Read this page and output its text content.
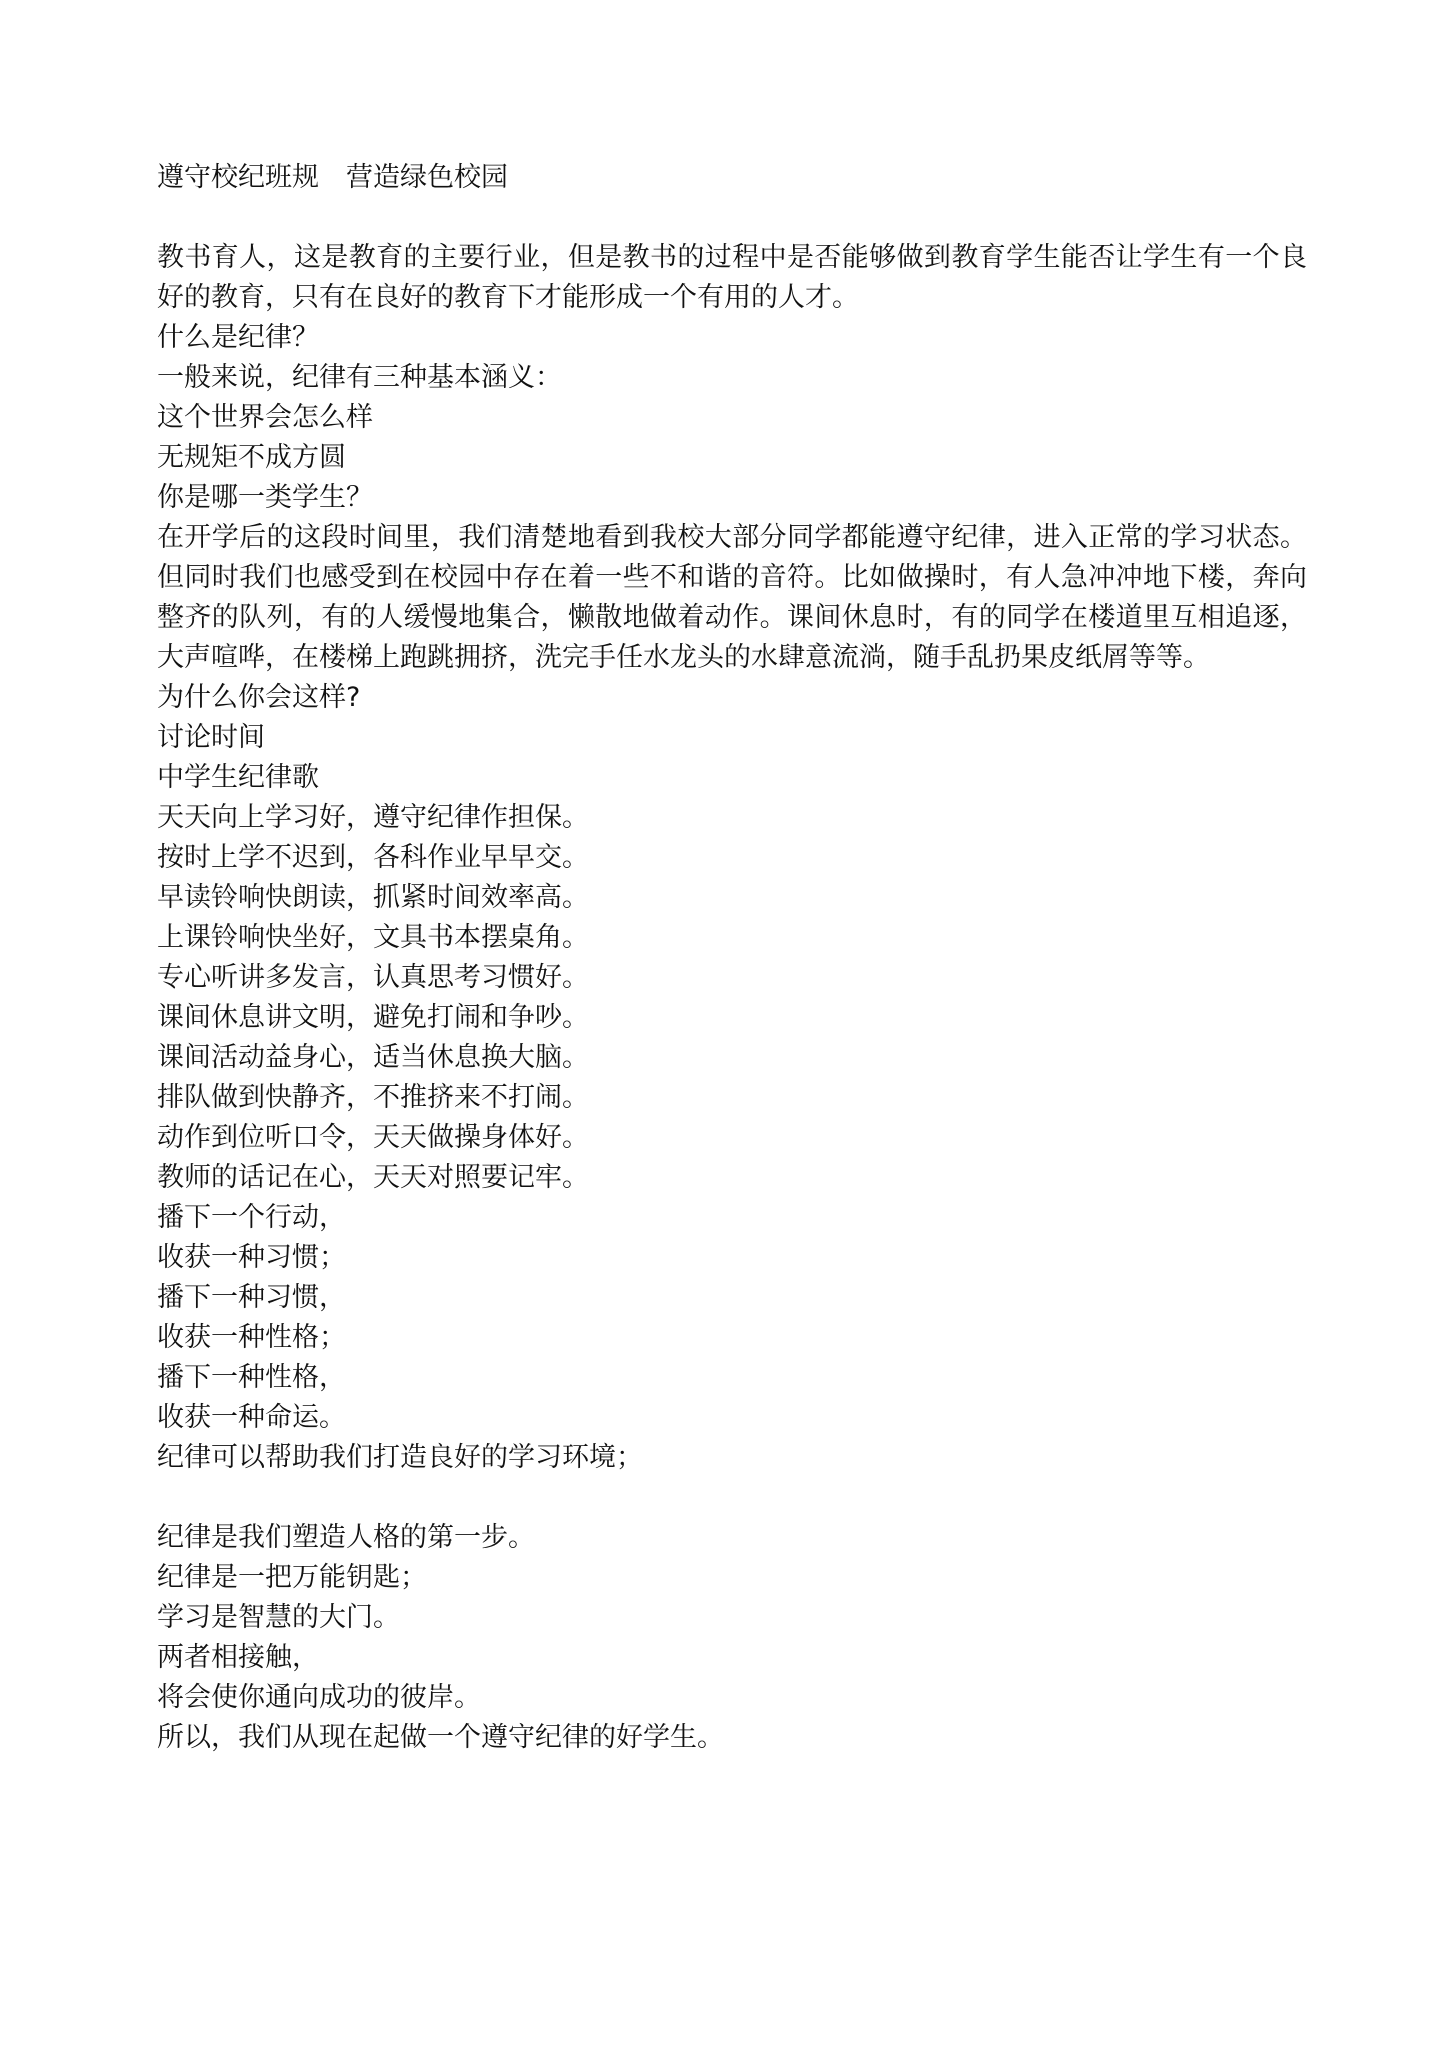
遵守校纪班规　营造绿色校园
教书育人，这是教育的主要行业，但是教书的过程中是否能够做到教育学生能否让学生有一个良好的教育，只有在良好的教育下才能形成一个有用的人才。
什么是纪律？
一般来说，纪律有三种基本涵义：
这个世界会怎么样
无规矩不成方圆
你是哪一类学生？
在开学后的这段时间里，我们清楚地看到我校大部分同学都能遵守纪律，进入正常的学习状态。但同时我们也感受到在校园中存在着一些不和谐的音符。比如做操时，有人急冲冲地下楼，奔向整齐的队列，有的人缓慢地集合，懒散地做着动作。课间休息时，有的同学在楼道里互相追逐，大声喧哗，在楼梯上跑跳拥挤，洗完手任水龙头的水肆意流淌，随手乱扔果皮纸屑等等。
为什么你会这样?
讨论时间
中学生纪律歌
天天向上学习好，遵守纪律作担保。
按时上学不迟到，各科作业早早交。
早读铃响快朗读，抓紧时间效率高。
上课铃响快坐好，文具书本摆桌角。
专心听讲多发言，认真思考习惯好。
课间休息讲文明，避免打闹和争吵。
课间活动益身心，适当休息换大脑。
排队做到快静齐，不推挤来不打闹。
动作到位听口令，天天做操身体好。
教师的话记在心，天天对照要记牢。
播下一个行动，
收获一种习惯；
播下一种习惯，
收获一种性格；
播下一种性格，
收获一种命运。
纪律可以帮助我们打造良好的学习环境；
纪律是我们塑造人格的第一步。
纪律是一把万能钥匙；
学习是智慧的大门。
两者相接触，
将会使你通向成功的彼岸。
所以，我们从现在起做一个遵守纪律的好学生。
